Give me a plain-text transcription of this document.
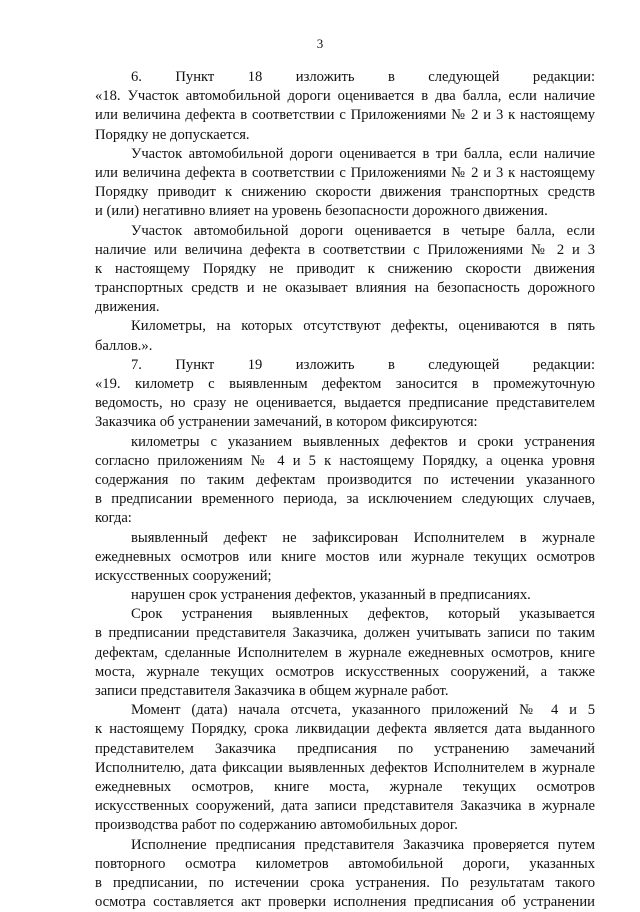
3
6. Пункт 18 изложить в следующей редакции:
«18. Участок автомобильной дороги оценивается в два балла, если наличие
или величина дефекта в соответствии с Приложениями № 2 и 3 к настоящему
Порядку не допускается.
Участок автомобильной дороги оценивается в три балла, если наличие
или величина дефекта в соответствии с Приложениями № 2 и 3 к настоящему
Порядку приводит к снижению скорости движения транспортных средств
и (или) негативно влияет на уровень безопасности дорожного движения.
Участок автомобильной дороги оценивается в четыре балла, если
наличие или величина дефекта в соответствии с Приложениями № 2 и 3
к настоящему Порядку не приводит к снижению скорости движения
транспортных средств и не оказывает влияния на безопасность дорожного
движения.
Километры, на которых отсутствуют дефекты, оцениваются в пять
баллов.».
7. Пункт 19 изложить в следующей редакции:
«19. километр с выявленным дефектом заносится в промежуточную
ведомость, но сразу не оценивается, выдается предписание представителем
Заказчика об устранении замечаний, в котором фиксируются:
километры с указанием выявленных дефектов и сроки устранения
согласно приложениям № 4 и 5 к настоящему Порядку, а оценка уровня
содержания по таким дефектам производится по истечении указанного
в предписании временного периода, за исключением следующих случаев,
когда:
выявленный дефект не зафиксирован Исполнителем в журнале
ежедневных осмотров или книге мостов или журнале текущих осмотров
искусственных сооружений;
нарушен срок устранения дефектов, указанный в предписаниях.
Срок устранения выявленных дефектов, который указывается
в предписании представителя Заказчика, должен учитывать записи по таким
дефектам, сделанные Исполнителем в журнале ежедневных осмотров, книге
моста, журнале текущих осмотров искусственных сооружений, а также
записи представителя Заказчика в общем журнале работ.
Момент (дата) начала отсчета, указанного приложений № 4 и 5
к настоящему Порядку, срока ликвидации дефекта является дата выданного
представителем Заказчика предписания по устранению замечаний
Исполнителю, дата фиксации выявленных дефектов Исполнителем в журнале
ежедневных осмотров, книге моста, журнале текущих осмотров
искусственных сооружений, дата записи представителя Заказчика в журнале
производства работ по содержанию автомобильных дорог.
Исполнение предписания представителя Заказчика проверяется путем
повторного осмотра километров автомобильной дороги, указанных
в предписании, по истечении срока устранения. По результатам такого
осмотра составляется акт проверки исполнения предписания об устранении
